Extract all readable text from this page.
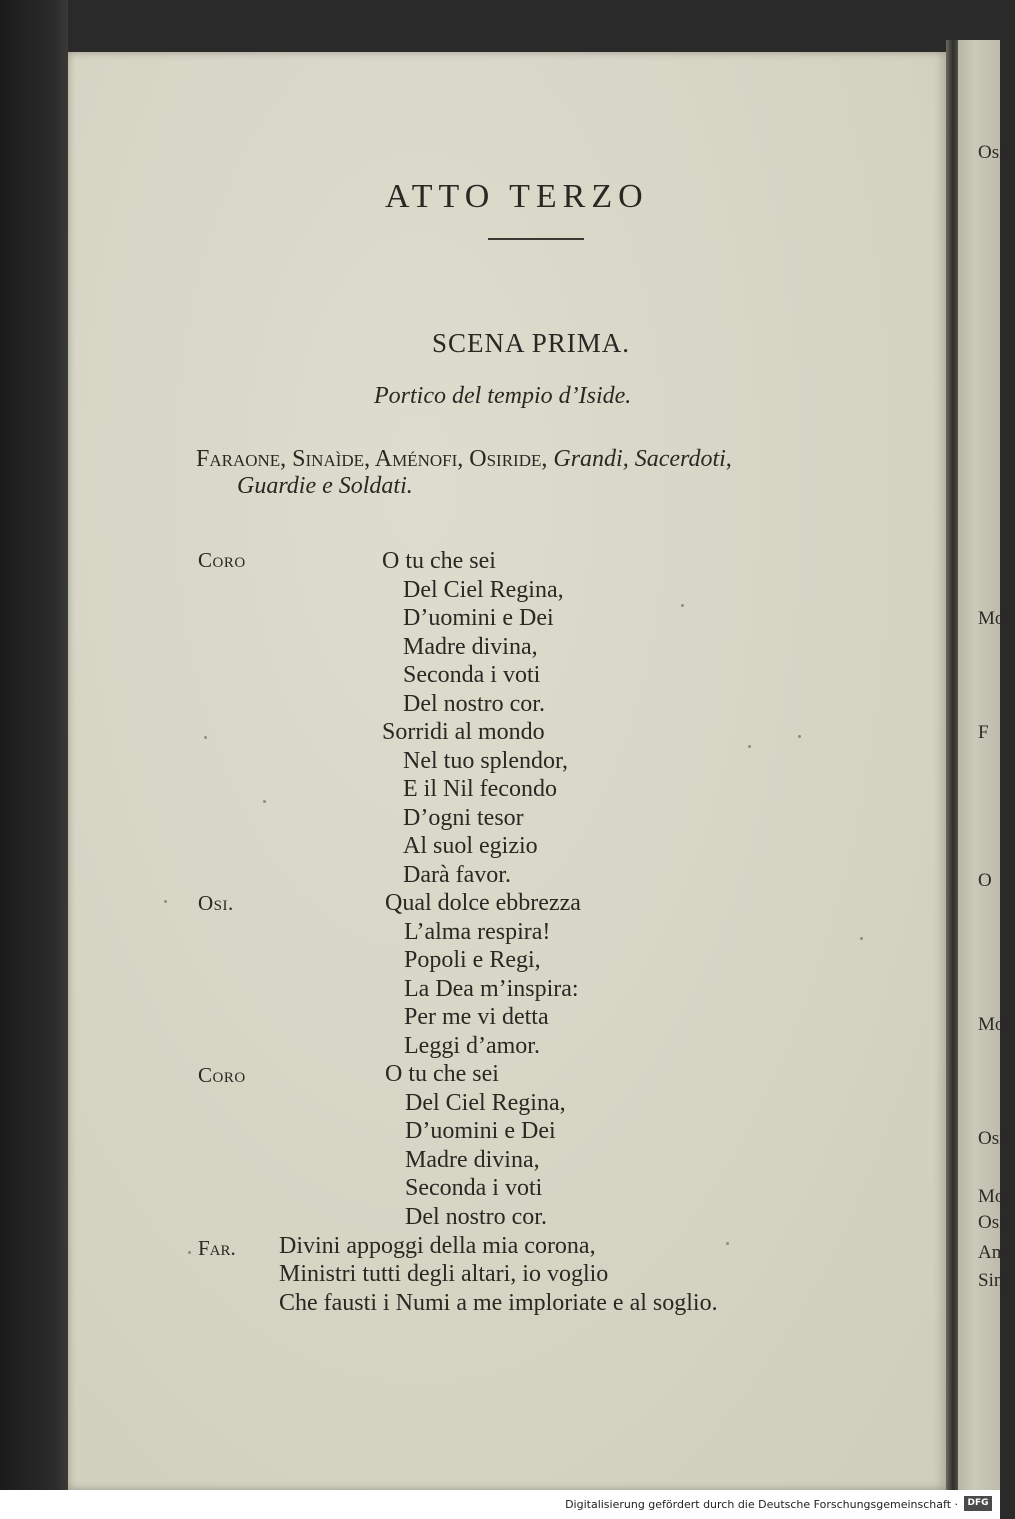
Osi.
Mo
F
O
Mo
Osi
Mos
Osi.
Ame
Sin,
ATTO TERZO
SCENA PRIMA.
Portico del tempio d’Iside.
Faraone, Sinaìde, Aménofi, Osiride, Grandi, Sacerdoti,
Guardie e Soldati.
Coro
Osi.
Coro
Far.
O tu che sei
Del Ciel Regina,
D’uomini e Dei
Madre divina,
Seconda i voti
Del nostro cor.
Sorridi al mondo
Nel tuo splendor,
E il Nil fecondo
D’ogni tesor
Al suol egizio
Darà favor.
Qual dolce ebbrezza
L’alma respira!
Popoli e Regi,
La Dea m’inspira:
Per me vi detta
Leggi d’amor.
O tu che sei
Del Ciel Regina,
D’uomini e Dei
Madre divina,
Seconda i voti
Del nostro cor.
Divini appoggi della mia corona,
Ministri tutti degli altari, io voglio
Che fausti i Numi a me imploriate e al soglio.
Digitalisierung gefördert durch die Deutsche Forschungsgemeinschaft ·	DFG
